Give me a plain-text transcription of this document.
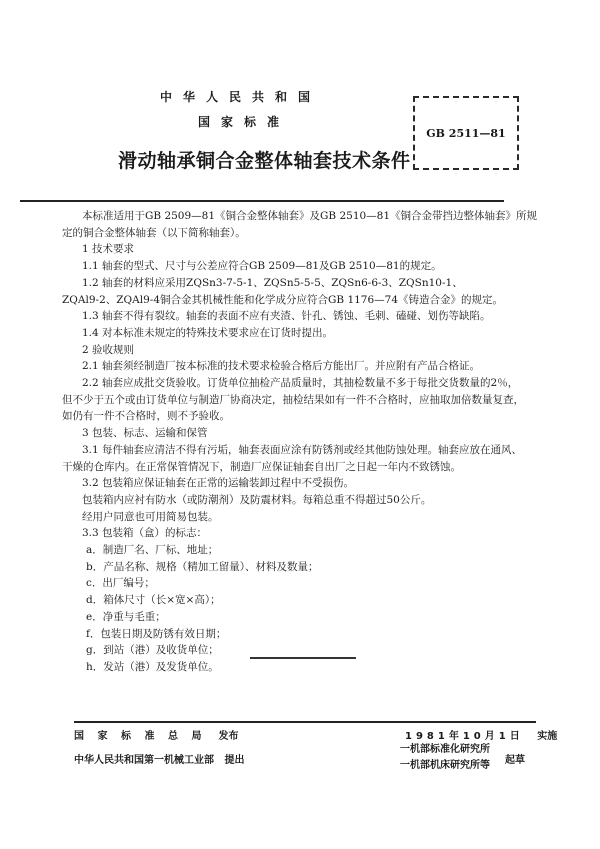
中华人民共和国
国家标准
滑动轴承铜合金整体轴套技术条件
GB 2511—81

本标准适用于GB 2509—81《铜合金整体轴套》及GB 2510—81《铜合金带挡边整体轴套》所规

定的铜合金整体轴套（以下简称轴套）。

1 技术要求

1.1 轴套的型式、尺寸与公差应符合GB 2509—81及GB 2510—81的规定。

1.2 轴套的材料应采用ZQSn3-7-5-1、ZQSn5-5-5、ZQSn6-6-3、ZQSn10-1、

ZQAl9-2、ZQAl9-4铜合金其机械性能和化学成分应符合GB 1176—74《铸造合金》的规定。

1.3 轴套不得有裂纹。轴套的表面不应有夹渣、针孔、锈蚀、毛刺、磕碰、划伤等缺陷。

1.4 对本标准未规定的特殊技术要求应在订货时提出。

2 验收规则

2.1 轴套须经制造厂按本标准的技术要求检验合格后方能出厂。并应附有产品合格证。

2.2 轴套应成批交货验收。订货单位抽检产品质量时，其抽检数量不多于每批交货数量的2％，

但不少于五个或由订货单位与制造厂协商决定，抽检结果如有一件不合格时，应抽取加倍数量复查，

如仍有一件不合格时，则不予验收。

3 包装、标志、运输和保管

3.1 每件轴套应清洁不得有污垢，轴套表面应涂有防锈剂或经其他防蚀处理。轴套应放在通风、

干燥的仓库内。在正常保管情况下，制造厂应保证轴套自出厂之日起一年内不致锈蚀。

3.2 包装箱应保证轴套在正常的运输装卸过程中不受损伤。

包装箱内应衬有防水（或防潮剂）及防震材料。每箱总重不得超过50公斤。

经用户同意也可用简易包装。

3.3 包装箱（盒）的标志：

a．制造厂名、厂标、地址；

b．产品名称、规格（精加工留量）、材料及数量；

c．出厂编号；

d．箱体尺寸（长×宽×高）；

e．净重与毛重；

f．包装日期及防锈有效日期；

g．到站（港）及收货单位；

h．发站（港）及发货单位。

国家标准总局 发布
中华人民共和国第一机械工业部 提出
1981年10月1日 实施
一机部标准化研究所
一机部机床研究所等 起草
